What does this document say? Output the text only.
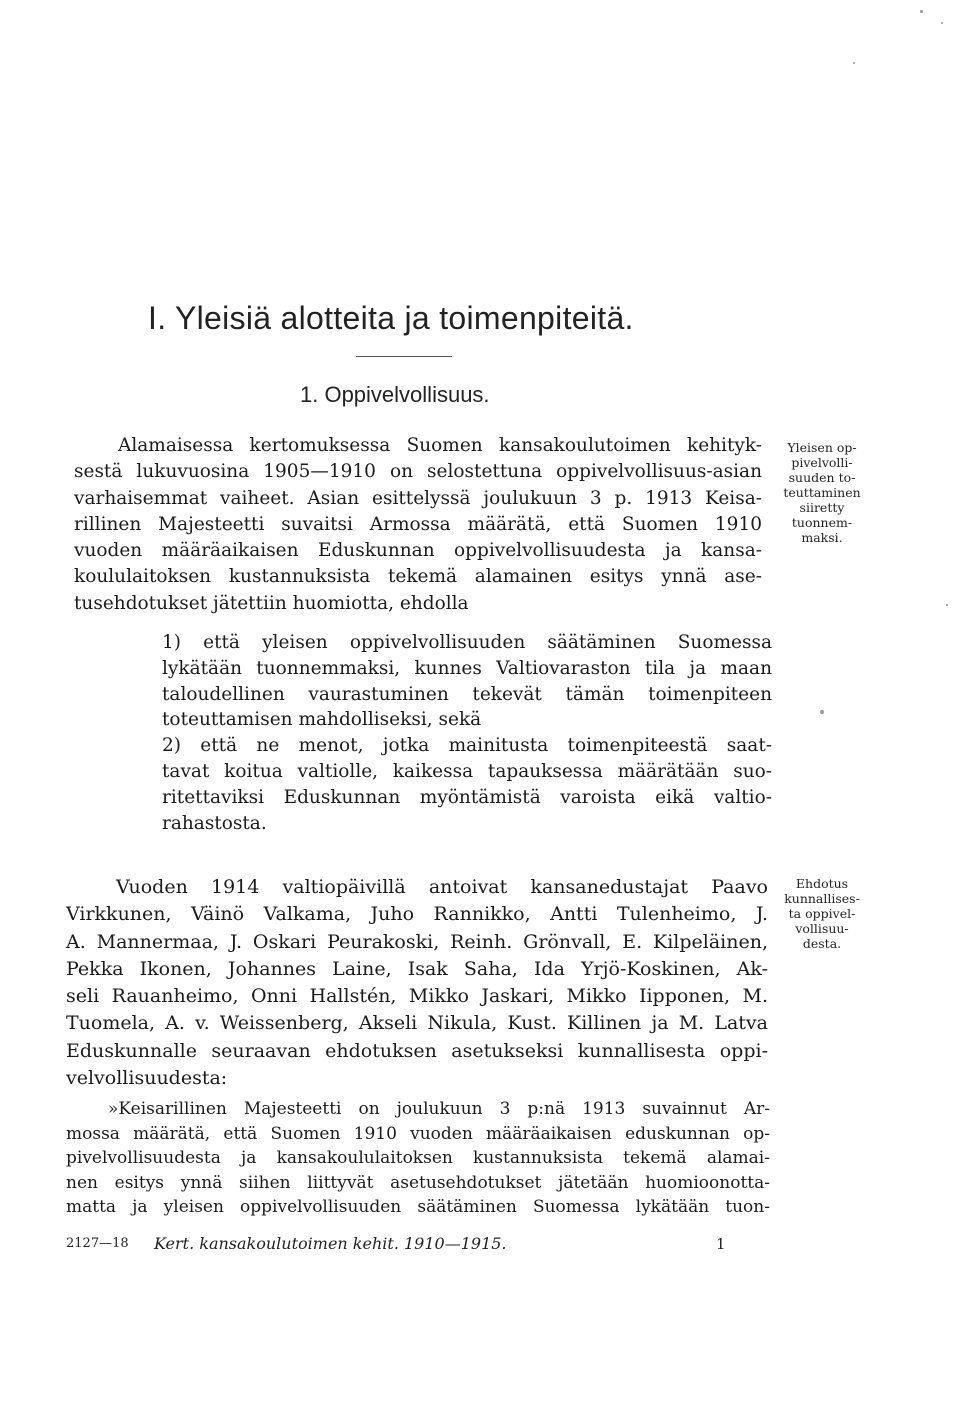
I. Yleisiä alotteita ja toimenpiteitä.
1. Oppivelvollisuus.
Alamaisessa kertomuksessa Suomen kansakoulutoimen kehityk-
sestä lukuvuosina 1905—1910 on selostettuna oppivelvollisuus-asian
varhaisemmat vaiheet. Asian esittelyssä joulukuun 3 p. 1913 Keisa-
rillinen Majesteetti suvaitsi Armossa määrätä, että Suomen 1910
vuoden määräaikaisen Eduskunnan oppivelvollisuudesta ja kansa-
koululaitoksen kustannuksista tekemä alamainen esitys ynnä ase-
tusehdotukset jätettiin huomiotta, ehdolla
Yleisen op-
pivelvolli-
suuden to-
teuttaminen
siiretty
tuonnem-
maksi.
1) että yleisen oppivelvollisuuden säätäminen Suomessa
lykätään tuonnemmaksi, kunnes Valtiovaraston tila ja maan
taloudellinen vaurastuminen tekevät tämän toimenpiteen
toteuttamisen mahdolliseksi, sekä
2) että ne menot, jotka mainitusta toimenpiteestä saat-
tavat koitua valtiolle, kaikessa tapauksessa määrätään suo-
ritettaviksi Eduskunnan myöntämistä varoista eikä valtio-
rahastosta.
Vuoden 1914 valtiopäivillä antoivat kansanedustajat Paavo
Virkkunen, Väinö Valkama, Juho Rannikko, Antti Tulenheimo, J.
A. Mannermaa, J. Oskari Peurakoski, Reinh. Grönvall, E. Kilpeläinen,
Pekka Ikonen, Johannes Laine, Isak Saha, Ida Yrjö-Koskinen, Ak-
seli Rauanheimo, Onni Hallstén, Mikko Jaskari, Mikko Iipponen, M.
Tuomela, A. v. Weissenberg, Akseli Nikula, Kust. Killinen ja M. Latva
Eduskunnalle seuraavan ehdotuksen asetukseksi kunnallisesta oppi-
velvollisuudesta:
Ehdotus
kunnallises-
ta oppivel-
vollisuu-
desta.
»Keisarillinen Majesteetti on joulukuun 3 p:nä 1913 suvainnut Ar-
mossa määrätä, että Suomen 1910 vuoden määräaikaisen eduskunnan op-
pivelvollisuudesta ja kansakoululaitoksen kustannuksista tekemä alamai-
nen esitys ynnä siihen liittyvät asetusehdotukset jätetään huomioonotta-
matta ja yleisen oppivelvollisuuden säätäminen Suomessa lykätään tuon-
2127—18 Kert. kansakoulutoimen kehit. 1910—1915.	1
